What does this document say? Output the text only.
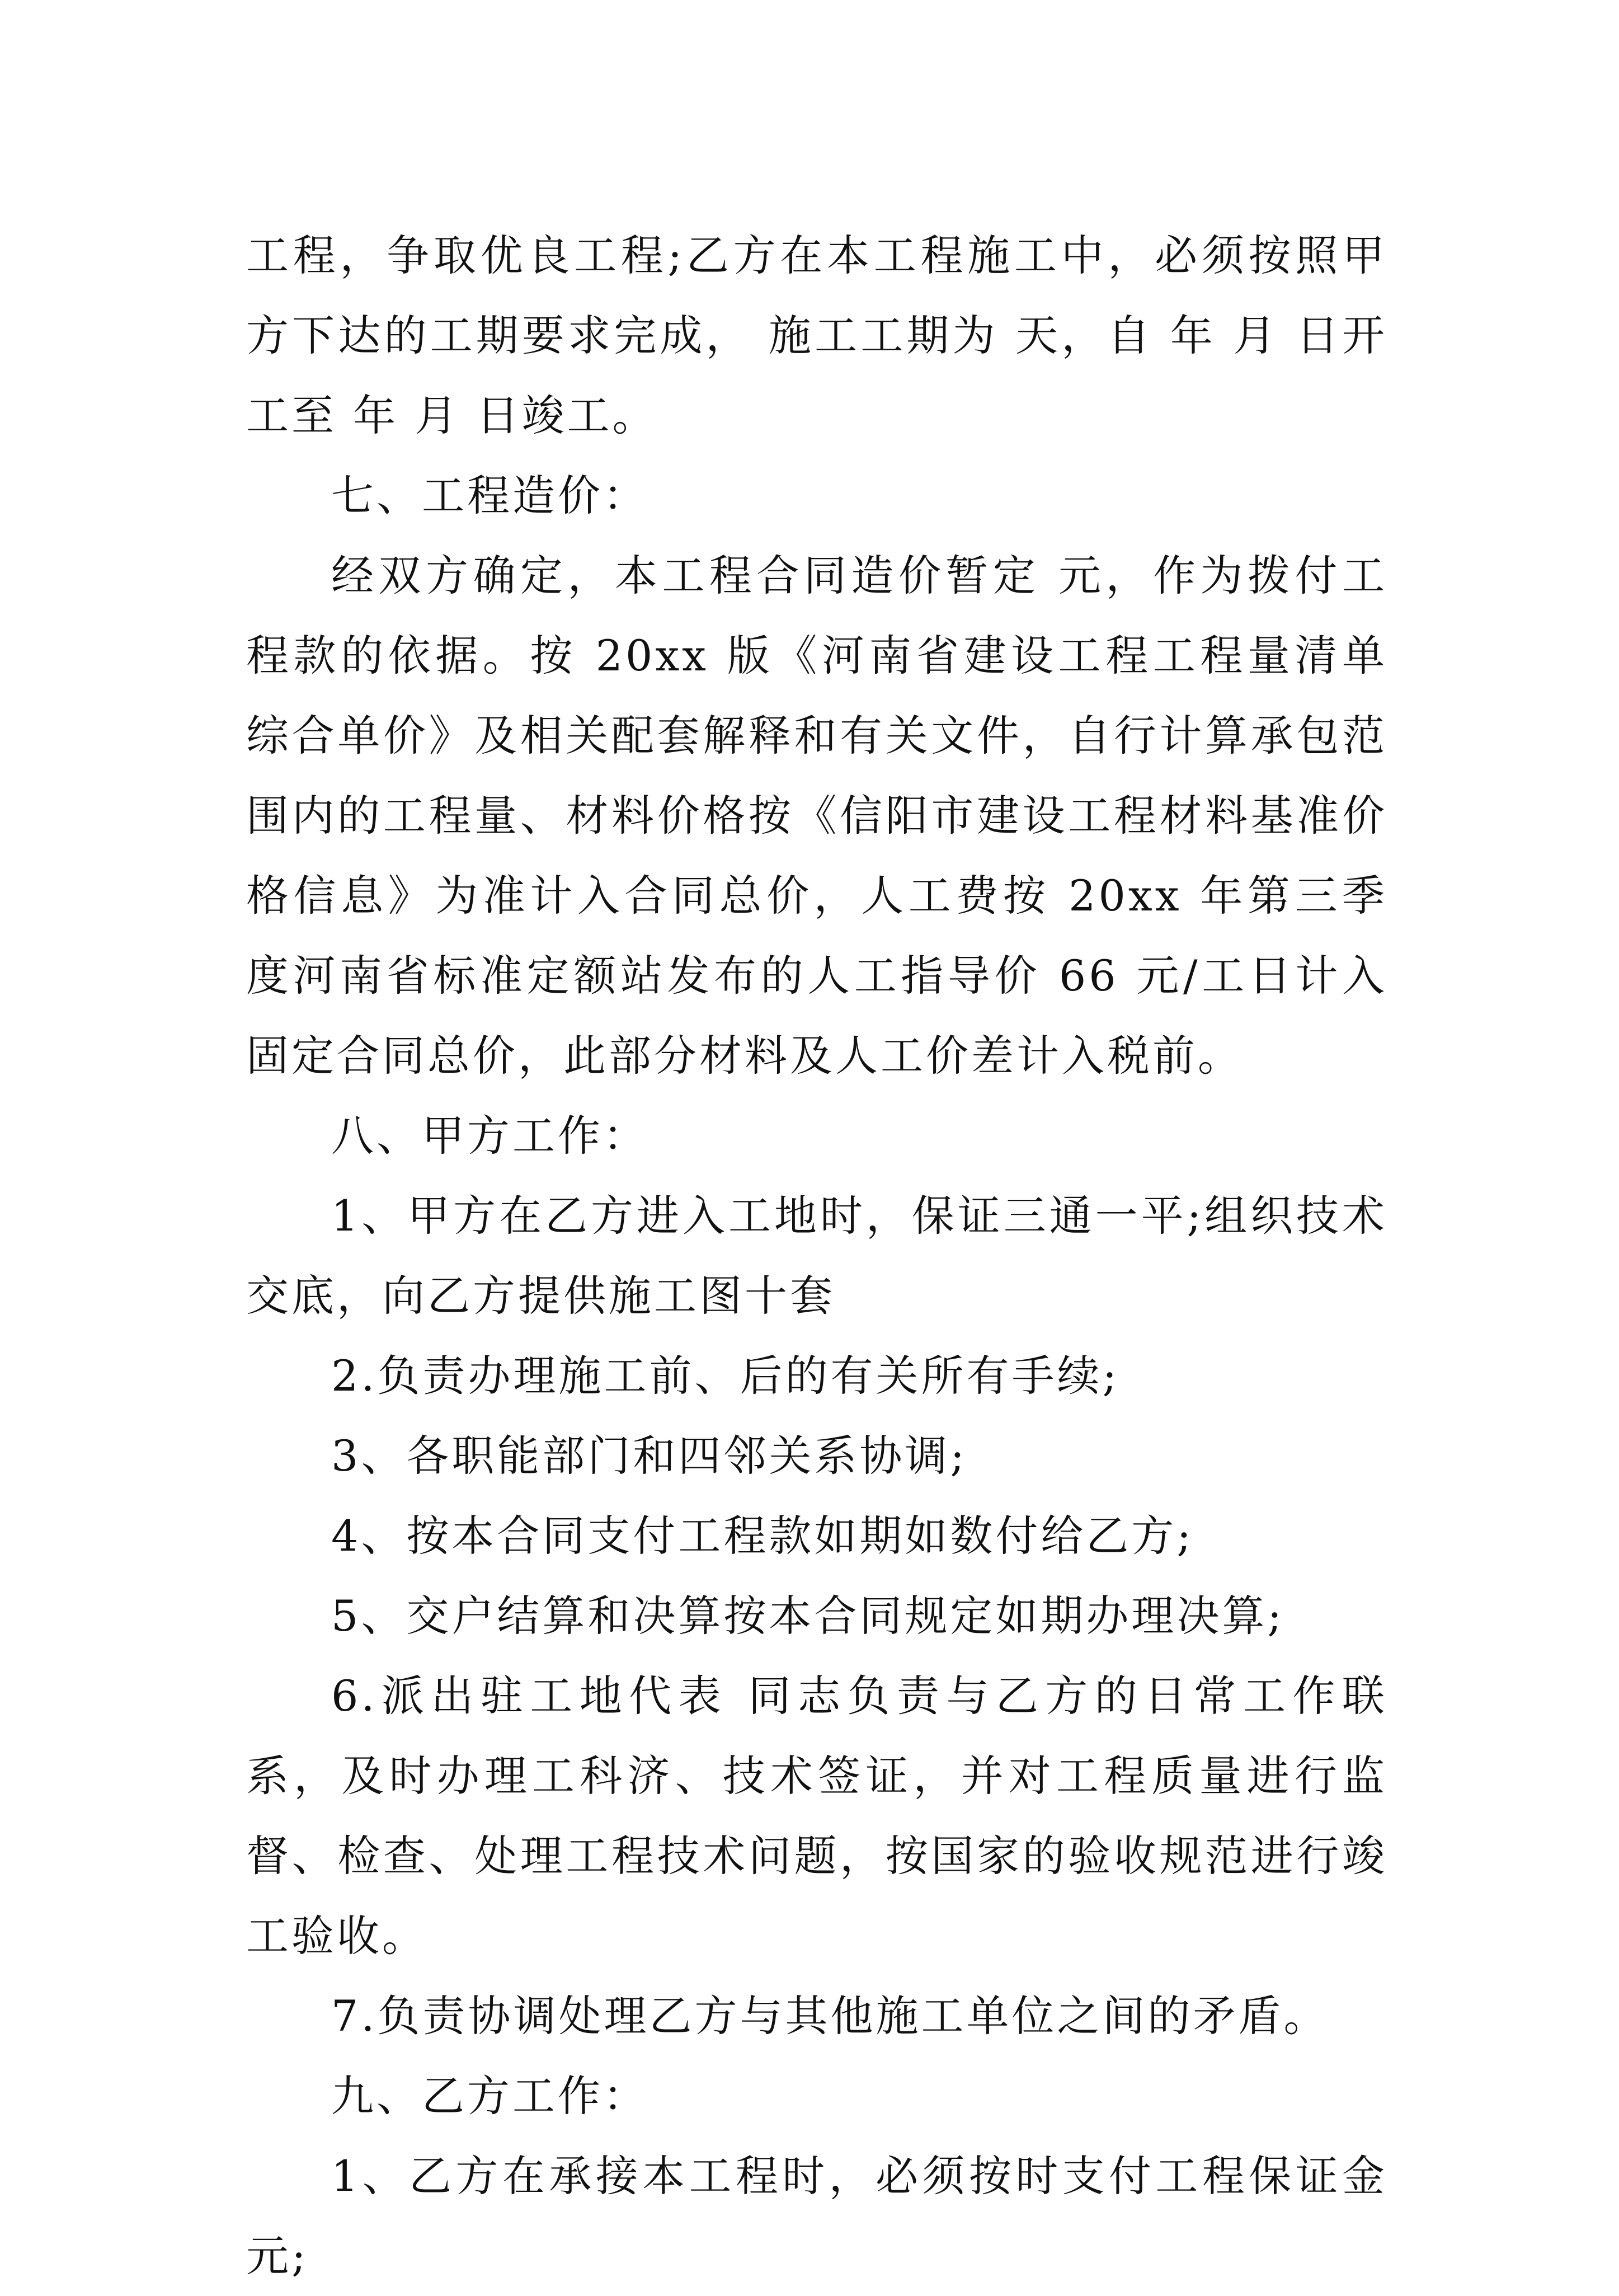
工程，争取优良工程;乙方在本工程施工中，必须按照甲方下达的工期要求完成， 施工工期为 天，自 年 月 日开工至 年 月 日竣工。

七、工程造价：

经双方确定，本工程合同造价暂定 元，作为拨付工程款的依据。按 20xx 版《河南省建设工程工程量清单综合单价》及相关配套解释和有关文件，自行计算承包范围内的工程量、材料价格按《信阳市建设工程材料基准价格信息》为准计入合同总价，人工费按 20xx 年第三季度河南省标准定额站发布的人工指导价 66 元/工日计入固定合同总价，此部分材料及人工价差计入税前。

八、甲方工作：

1、甲方在乙方进入工地时，保证三通一平;组织技术交底，向乙方提供施工图十套

2.负责办理施工前、后的有关所有手续;

3、各职能部门和四邻关系协调;

4、按本合同支付工程款如期如数付给乙方;

5、交户结算和决算按本合同规定如期办理决算;

6.派出驻工地代表 同志负责与乙方的日常工作联系，及时办理工科济、技术签证，并对工程质量进行监督、检查、处理工程技术问题，按国家的验收规范进行竣工验收。

7.负责协调处理乙方与其他施工单位之间的矛盾。

九、乙方工作：

1、乙方在承接本工程时，必须按时支付工程保证金 元;
